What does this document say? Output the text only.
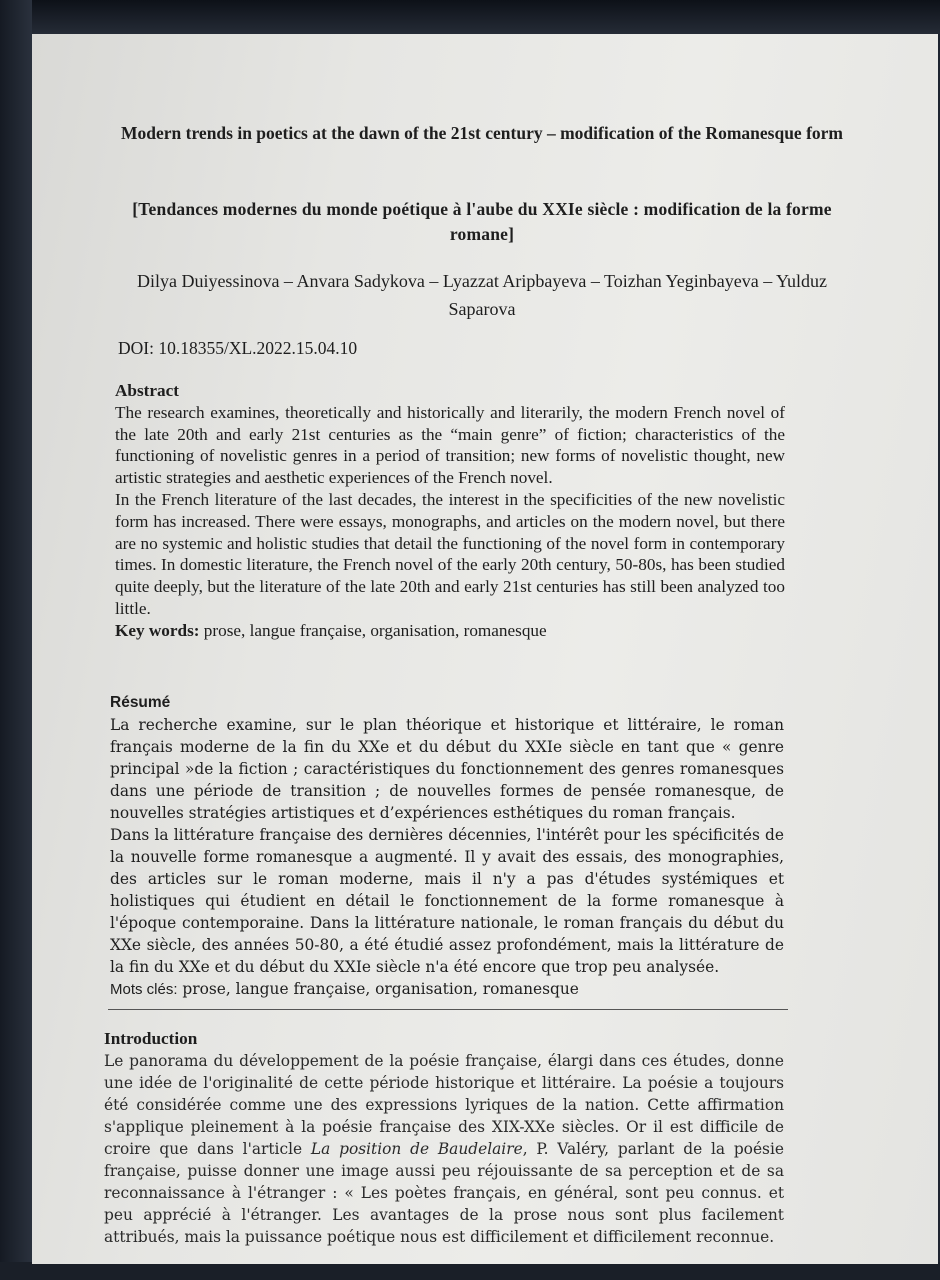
Modern trends in poetics at the dawn of the 21st century – modification of the Romanesque form
[Tendances modernes du monde poétique à l'aube du XXIe siècle : modification de la forme romane]
Dilya Duiyessinova – Anvara Sadykova – Lyazzat Aripbayeva – Toizhan Yeginbayeva – Yulduz Saparova
DOI: 10.18355/XL.2022.15.04.10
Abstract

The research examines, theoretically and historically and literarily, the modern French novel of the late 20th and early 21st centuries as the “main genre” of fiction; characteristics of the functioning of novelistic genres in a period of transition; new forms of novelistic thought, new artistic strategies and aesthetic experiences of the French novel.

In the French literature of the last decades, the interest in the specificities of the new novelistic form has increased. There were essays, monographs, and articles on the modern novel, but there are no systemic and holistic studies that detail the functioning of the novel form in contemporary times. In domestic literature, the French novel of the early 20th century, 50-80s, has been studied quite deeply, but the literature of the late 20th and early 21st centuries has still been analyzed too little.

Key words: prose, langue française, organisation, romanesque

Résumé

La recherche examine, sur le plan théorique et historique et littéraire, le roman français moderne de la fin du XXe et du début du XXIe siècle en tant que « genre principal »de la fiction ; caractéristiques du fonctionnement des genres romanesques dans une période de transition ; de nouvelles formes de pensée romanesque, de nouvelles stratégies artistiques et d’expériences esthétiques du roman français.

Dans la littérature française des dernières décennies, l'intérêt pour les spécificités de la nouvelle forme romanesque a augmenté. Il y avait des essais, des monographies, des articles sur le roman moderne, mais il n'y a pas d'études systémiques et holistiques qui étudient en détail le fonctionnement de la forme romanesque à l'époque contemporaine. Dans la littérature nationale, le roman français du début du XXe siècle, des années 50-80, a été étudié assez profondément, mais la littérature de la fin du XXe et du début du XXIe siècle n'a été encore que trop peu analysée.

Mots clés: prose, langue française, organisation, romanesque

Introduction

Le panorama du développement de la poésie française, élargi dans ces études, donne une idée de l'originalité de cette période historique et littéraire. La poésie a toujours été considérée comme une des expressions lyriques de la nation. Cette affirmation s'applique pleinement à la poésie française des XIX-XXe siècles. Or il est difficile de croire que dans l'article La position de Baudelaire, P. Valéry, parlant de la poésie française, puisse donner une image aussi peu réjouissante de sa perception et de sa reconnaissance à l'étranger : « Les poètes français, en général, sont peu connus. et peu apprécié à l'étranger. Les avantages de la prose nous sont plus facilement attribués, mais la puissance poétique nous est difficilement et difficilement reconnue.
